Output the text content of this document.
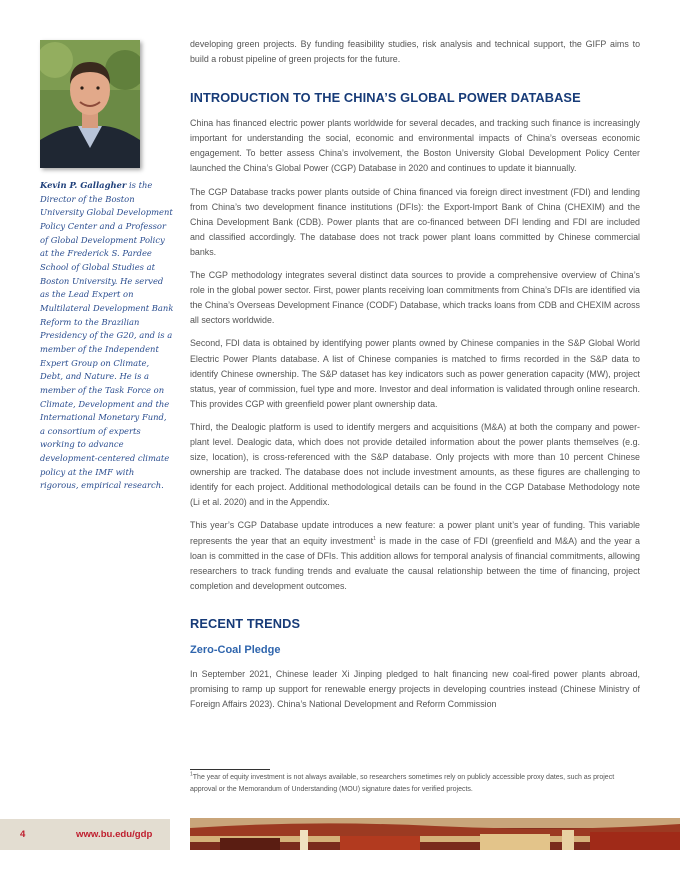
Kevin P. Gallagher is the Director of the Boston University Global Development Policy Center and a Professor of Global Development Policy at the Frederick S. Pardee School of Global Studies at Boston University. He served as the Lead Expert on Multilateral Development Bank Reform to the Brazilian Presidency of the G20, and is a member of the Independent Expert Group on Climate, Debt, and Nature. He is a member of the Task Force on Climate, Development and the International Monetary Fund, a consortium of experts working to advance development-centered climate policy at the IMF with rigorous, empirical research.

developing green projects. By funding feasibility studies, risk analysis and technical support, the GIFP aims to build a robust pipeline of green projects for the future.

INTRODUCTION TO THE CHINA’S GLOBAL POWER DATABASE

China has financed electric power plants worldwide for several decades, and tracking such finance is increasingly important for understanding the social, economic and environmental impacts of China’s overseas economic engagement. To better assess China’s involvement, the Boston University Global Development Policy Center launched the China’s Global Power (CGP) Database in 2020 and continues to update it biannually.

The CGP Database tracks power plants outside of China financed via foreign direct investment (FDI) and lending from China’s two development finance institutions (DFIs): the Export-Import Bank of China (CHEXIM) and the China Development Bank (CDB). Power plants that are co-financed between DFI lending and FDI are included and classified accordingly. The database does not track power plant loans committed by Chinese commercial banks.

The CGP methodology integrates several distinct data sources to provide a comprehensive overview of China’s role in the global power sector. First, power plants receiving loan commitments from China’s DFIs are identified via the China’s Overseas Development Finance (CODF) Database, which tracks loans from CDB and CHEXIM across all sectors worldwide.

Second, FDI data is obtained by identifying power plants owned by Chinese companies in the S&P Global World Electric Power Plants database. A list of Chinese companies is matched to firms recorded in the S&P data to identify Chinese ownership. The S&P dataset has key indicators such as power generation capacity (MW), project status, year of commission, fuel type and more. Investor and deal information is validated through online research. This provides CGP with greenfield power plant ownership data.

Third, the Dealogic platform is used to identify mergers and acquisitions (M&A) at both the company and power-plant level. Dealogic data, which does not provide detailed information about the power plants themselves (e.g. size, location), is cross-referenced with the S&P database. Only projects with more than 10 percent Chinese ownership are tracked. The database does not include investment amounts, as these figures are challenging to identify for each project. Additional methodological details can be found in the CGP Database Methodology note (Li et al. 2020) and in the Appendix.

This year’s CGP Database update introduces a new feature: a power plant unit’s year of funding. This variable represents the year that an equity investment$^1$ is made in the case of FDI (greenfield and M&A) and the year a loan is committed in the case of DFIs. This addition allows for temporal analysis of financial commitments, allowing researchers to track funding trends and evaluate the causal relationship between the time of financing, project completion and development outcomes.

RECENT TRENDS
Zero-Coal Pledge

In September 2021, Chinese leader Xi Jinping pledged to halt financing new coal-fired power plants abroad, promising to ramp up support for renewable energy projects in developing countries instead (Chinese Ministry of Foreign Affairs 2023). China’s National Development and Reform Commission

$^1$The year of equity investment is not always available, so researchers sometimes rely on publicly accessible proxy dates, such as project approval or the Memorandum of Understanding (MOU) signature dates for verified projects.
4	www.bu.edu/gdp
